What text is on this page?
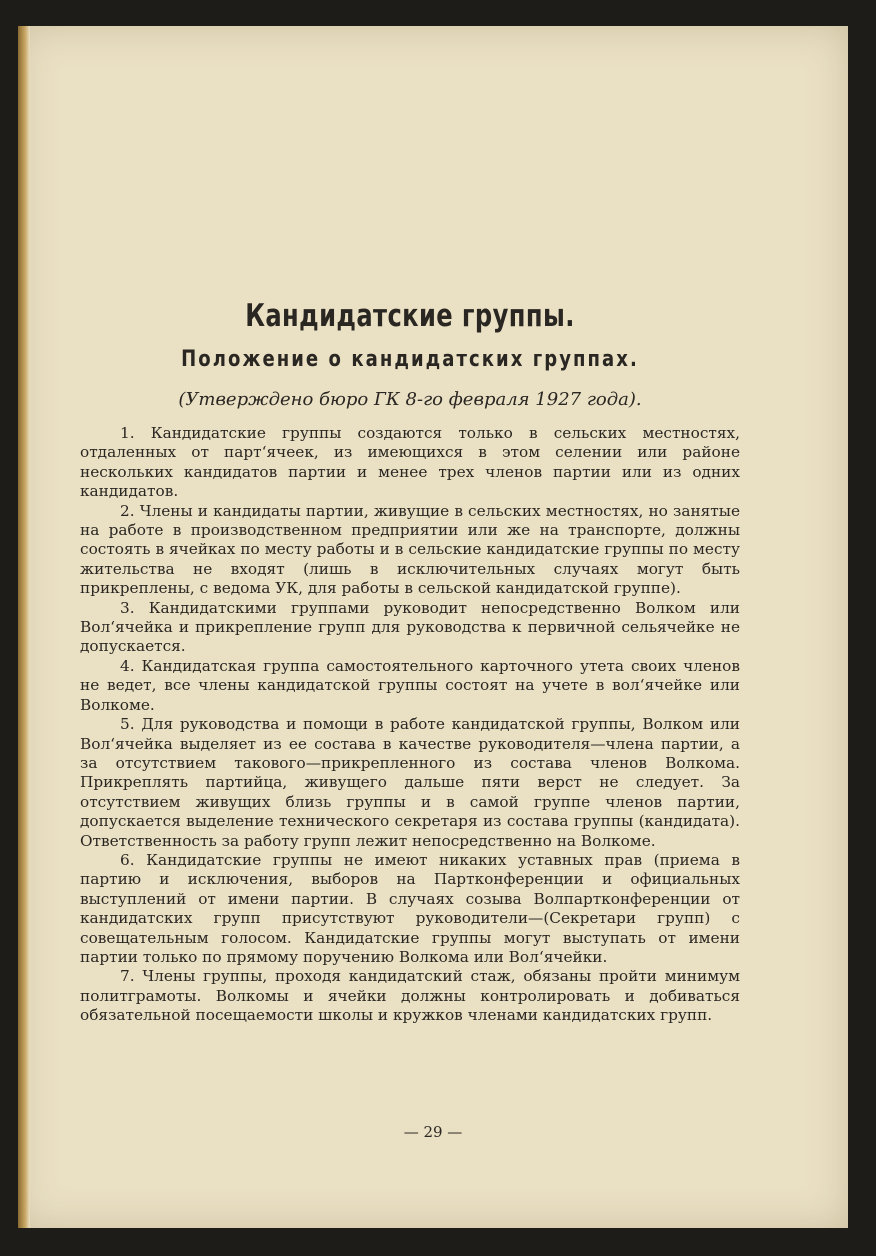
Кандидатские группы.
Положение о кандидатских группах.

(Утверждено бюро ГК 8-го февраля 1927 года).

1. Кандидатские группы создаются только в сельских местностях, отдаленных от парт‘ячеек, из имеющихся в этом селении или районе нескольких кандидатов партии и менее трех членов партии или из одних кандидатов.

2. Члены и кандидаты партии, живущие в сельских местностях, но занятые на работе в производственном предприятии или же на транспорте, должны состоять в ячейках по месту работы и в сельские кандидатские группы по месту жительства не входят (лишь в исключительных случаях могут быть прикреплены, с ведома УК, для работы в сельской кандидатской группе).

3. Кандидатскими группами руководит непосредственно Волком или Вол‘ячейка и прикрепление групп для руководства к первичной сельячейке не допускается.

4. Кандидатская группа самостоятельного карточного утета своих членов не ведет, все члены кандидатской группы состоят на учете в вол‘ячейке или Волкоме.

5. Для руководства и помощи в работе кандидатской группы, Волком или Вол‘ячейка выделяет из ее состава в качестве руководителя—члена партии, а за отсутствием такового—прикрепленного из состава членов Волкома. Прикреплять партийца, живущего дальше пяти верст не следует. За отсутствием живущих близь группы и в самой группе членов партии, допускается выделение технического секретаря из состава группы (кандидата). Ответственность за работу групп лежит непосредственно на Волкоме.

6. Кандидатские группы не имеют никаких уставных прав (приема в партию и исключения, выборов на Партконференции и официальных выступлений от имени партии. В случаях созыва Волпартконференции от кандидатских групп присутствуют руководители—(Секретари групп) с совещательным голосом. Кандидатские группы могут выступать от имени партии только по прямому поручению Волкома или Вол‘ячейки.

7. Члены группы, проходя кандидатский стаж, обязаны пройти минимум политграмоты. Волкомы и ячейки должны контролировать и добиваться обязательной посещаемости школы и кружков членами кандидатских групп.

— 29 —
